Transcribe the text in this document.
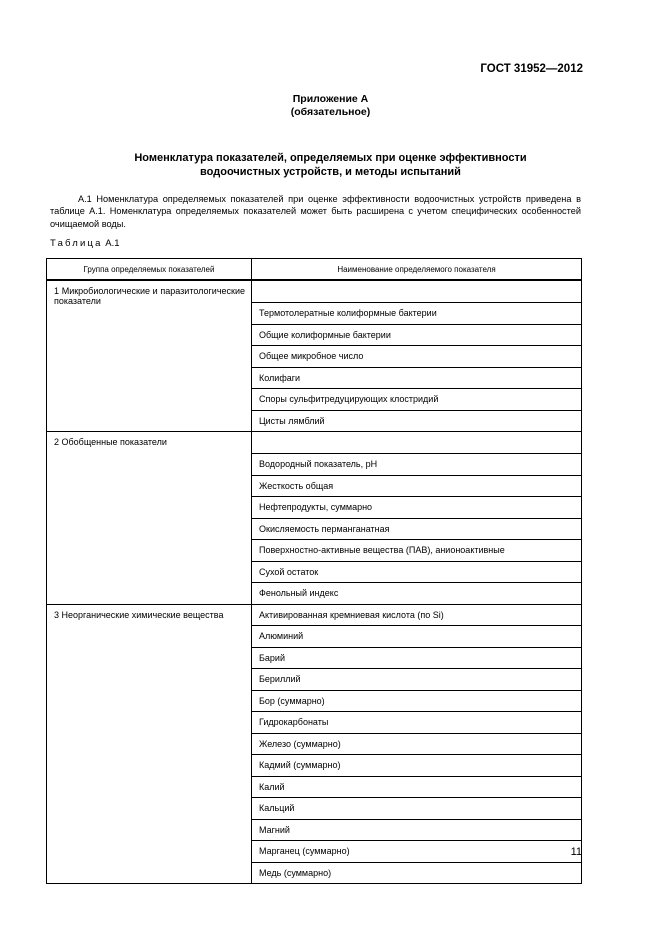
ГОСТ 31952—2012
Приложение А
(обязательное)
Номенклатура показателей, определяемых при оценке эффективности
водоочистных устройств, и методы испытаний

А.1 Номенклатура определяемых показателей при оценке эффективности водоочистных устройств приведена в таблице А.1. Номенклатура определяемых показателей может быть расширена с учетом специфических особенностей очищаемой воды.

Таблица А.1
Группа определяемых показателей	Наименование определяемого показателя
1 Микробиологические и паразитологические показатели	
	Термотолератные колиформные бактерии
	Общие колиформные бактерии
	Общее микробное число
	Колифаги
	Споры сульфитредуцирующих клостридий
	Цисты лямблий
2 Обобщенные показатели	
	Водородный показатель, pH
	Жесткость общая
	Нефтепродукты, суммарно
	Окисляемость перманганатная
	Поверхностно-активные вещества (ПАВ), анионоактивные
	Сухой остаток
	Фенольный индекс
3 Неорганические химические вещества	Активированная кремниевая кислота (по Si)
	Алюминий
	Барий
	Бериллий
	Бор (суммарно)
	Гидрокарбонаты
	Железо (суммарно)
	Кадмий (суммарно)
	Калий
	Кальций
	Магний
	Марганец (суммарно)
	Медь (суммарно)
11
